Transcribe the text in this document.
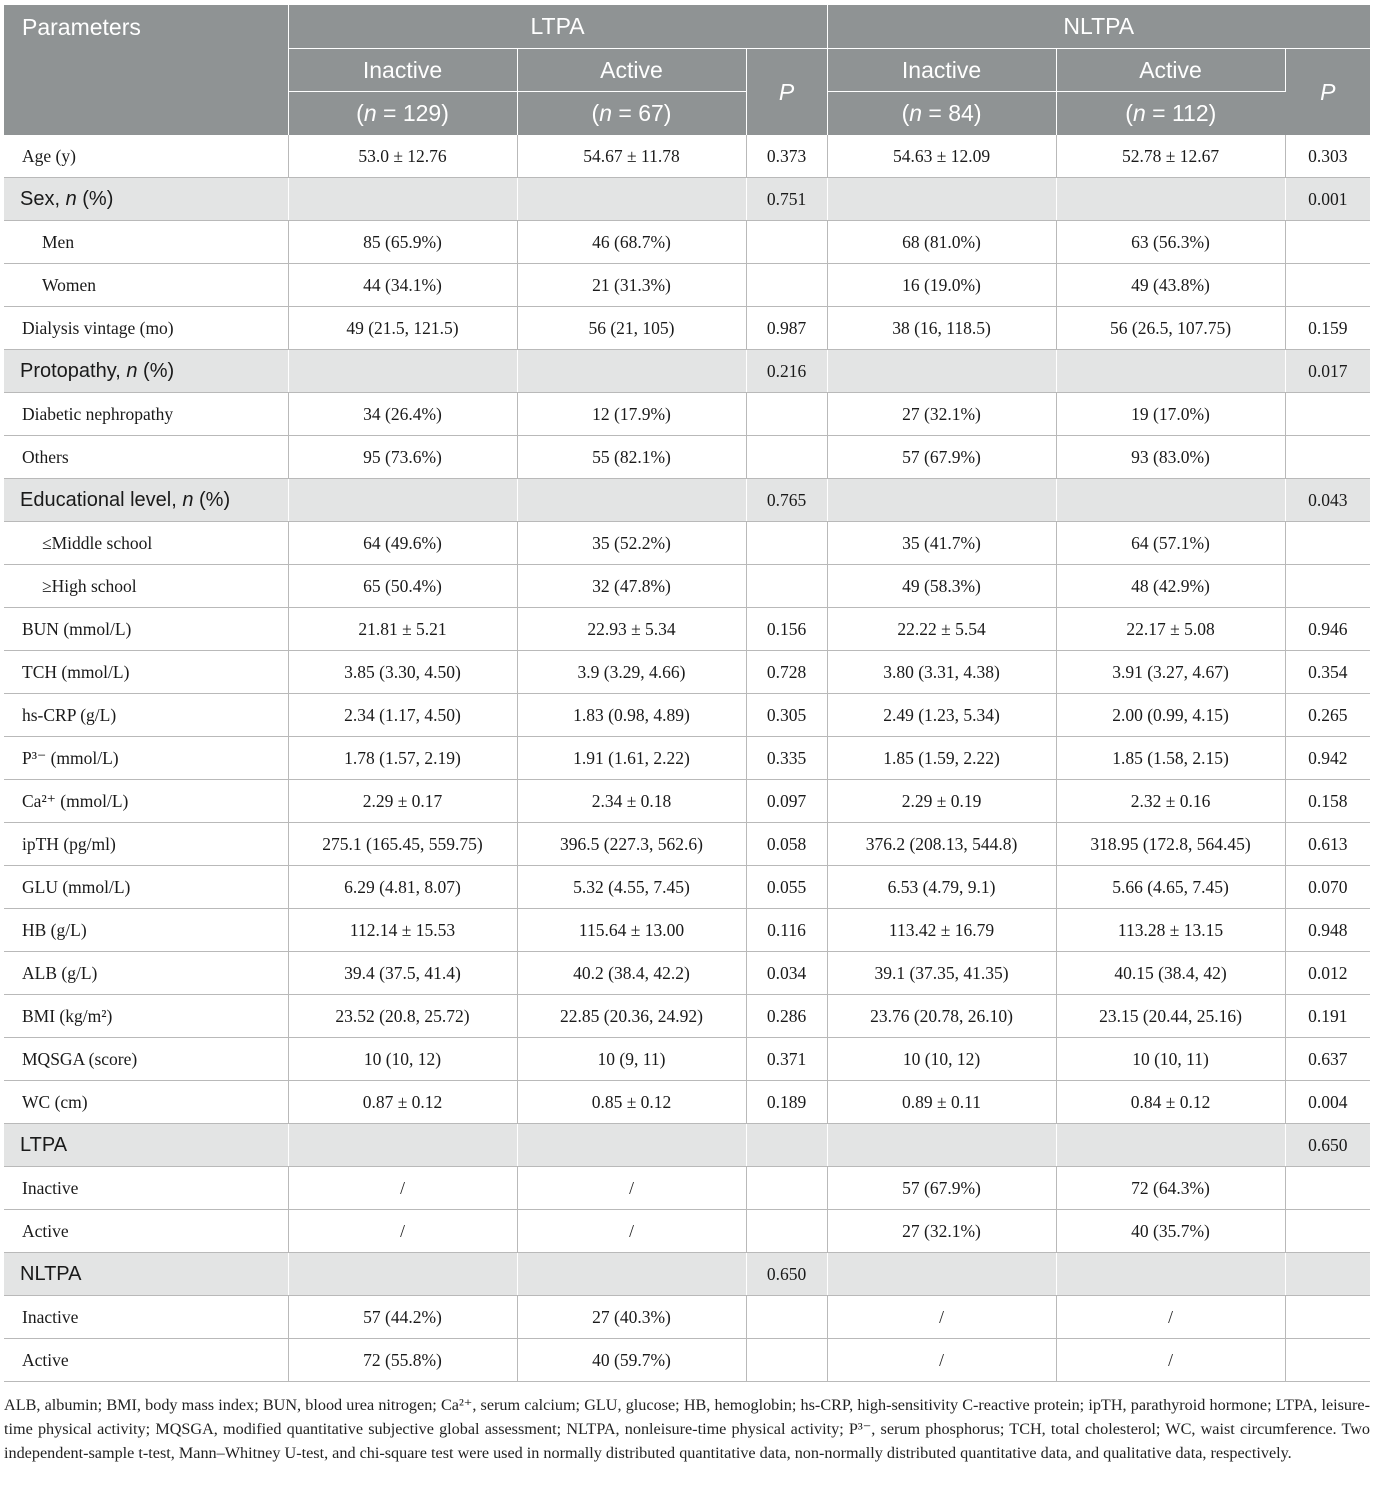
Parameters	LTPA			NLTPA		
	Inactive	Active	P	Inactive	Active	P
	(n = 129)	(n = 67)		(n = 84)	(n = 112)	
Age (y)	53.0 ± 12.76	54.67 ± 11.78	0.373	54.63 ± 12.09	52.78 ± 12.67	0.303
Sex, n (%)			0.751			0.001
Men	85 (65.9%)	46 (68.7%)		68 (81.0%)	63 (56.3%)	
Women	44 (34.1%)	21 (31.3%)		16 (19.0%)	49 (43.8%)	
Dialysis vintage (mo)	49 (21.5, 121.5)	56 (21, 105)	0.987	38 (16, 118.5)	56 (26.5, 107.75)	0.159
Protopathy, n (%)			0.216			0.017
Diabetic nephropathy	34 (26.4%)	12 (17.9%)		27 (32.1%)	19 (17.0%)	
Others	95 (73.6%)	55 (82.1%)		57 (67.9%)	93 (83.0%)	
Educational level, n (%)			0.765			0.043
≤Middle school	64 (49.6%)	35 (52.2%)		35 (41.7%)	64 (57.1%)	
≥High school	65 (50.4%)	32 (47.8%)		49 (58.3%)	48 (42.9%)	
BUN (mmol/L)	21.81 ± 5.21	22.93 ± 5.34	0.156	22.22 ± 5.54	22.17 ± 5.08	0.946
TCH (mmol/L)	3.85 (3.30, 4.50)	3.9 (3.29, 4.66)	0.728	3.80 (3.31, 4.38)	3.91 (3.27, 4.67)	0.354
hs-CRP (g/L)	2.34 (1.17, 4.50)	1.83 (0.98, 4.89)	0.305	2.49 (1.23, 5.34)	2.00 (0.99, 4.15)	0.265
P³⁻ (mmol/L)	1.78 (1.57, 2.19)	1.91 (1.61, 2.22)	0.335	1.85 (1.59, 2.22)	1.85 (1.58, 2.15)	0.942
Ca²⁺ (mmol/L)	2.29 ± 0.17	2.34 ± 0.18	0.097	2.29 ± 0.19	2.32 ± 0.16	0.158
ipTH (pg/ml)	275.1 (165.45, 559.75)	396.5 (227.3, 562.6)	0.058	376.2 (208.13, 544.8)	318.95 (172.8, 564.45)	0.613
GLU (mmol/L)	6.29 (4.81, 8.07)	5.32 (4.55, 7.45)	0.055	6.53 (4.79, 9.1)	5.66 (4.65, 7.45)	0.070
HB (g/L)	112.14 ± 15.53	115.64 ± 13.00	0.116	113.42 ± 16.79	113.28 ± 13.15	0.948
ALB (g/L)	39.4 (37.5, 41.4)	40.2 (38.4, 42.2)	0.034	39.1 (37.35, 41.35)	40.15 (38.4, 42)	0.012
BMI (kg/m²)	23.52 (20.8, 25.72)	22.85 (20.36, 24.92)	0.286	23.76 (20.78, 26.10)	23.15 (20.44, 25.16)	0.191
MQSGA (score)	10 (10, 12)	10 (9, 11)	0.371	10 (10, 12)	10 (10, 11)	0.637
WC (cm)	0.87 ± 0.12	0.85 ± 0.12	0.189	0.89 ± 0.11	0.84 ± 0.12	0.004
LTPA						0.650
Inactive	/	/		57 (67.9%)	72 (64.3%)	
Active	/	/		27 (32.1%)	40 (35.7%)	
NLTPA			0.650			
Inactive	57 (44.2%)	27 (40.3%)		/	/	
Active	72 (55.8%)	40 (59.7%)		/	/	

ALB, albumin; BMI, body mass index; BUN, blood urea nitrogen; Ca²⁺, serum calcium; GLU, glucose; HB, hemoglobin; hs-CRP, high-sensitivity C-reactive protein; ipTH, parathyroid hormone; LTPA, leisure-time physical activity; MQSGA, modified quantitative subjective global assessment; NLTPA, nonleisure-time physical activity; P³⁻, serum phosphorus; TCH, total cholesterol; WC, waist circumference. Two independent-sample t-test, Mann–Whitney U-test, and chi-square test were used in normally distributed quantitative data, non-normally distributed quantitative data, and qualitative data, respectively.
